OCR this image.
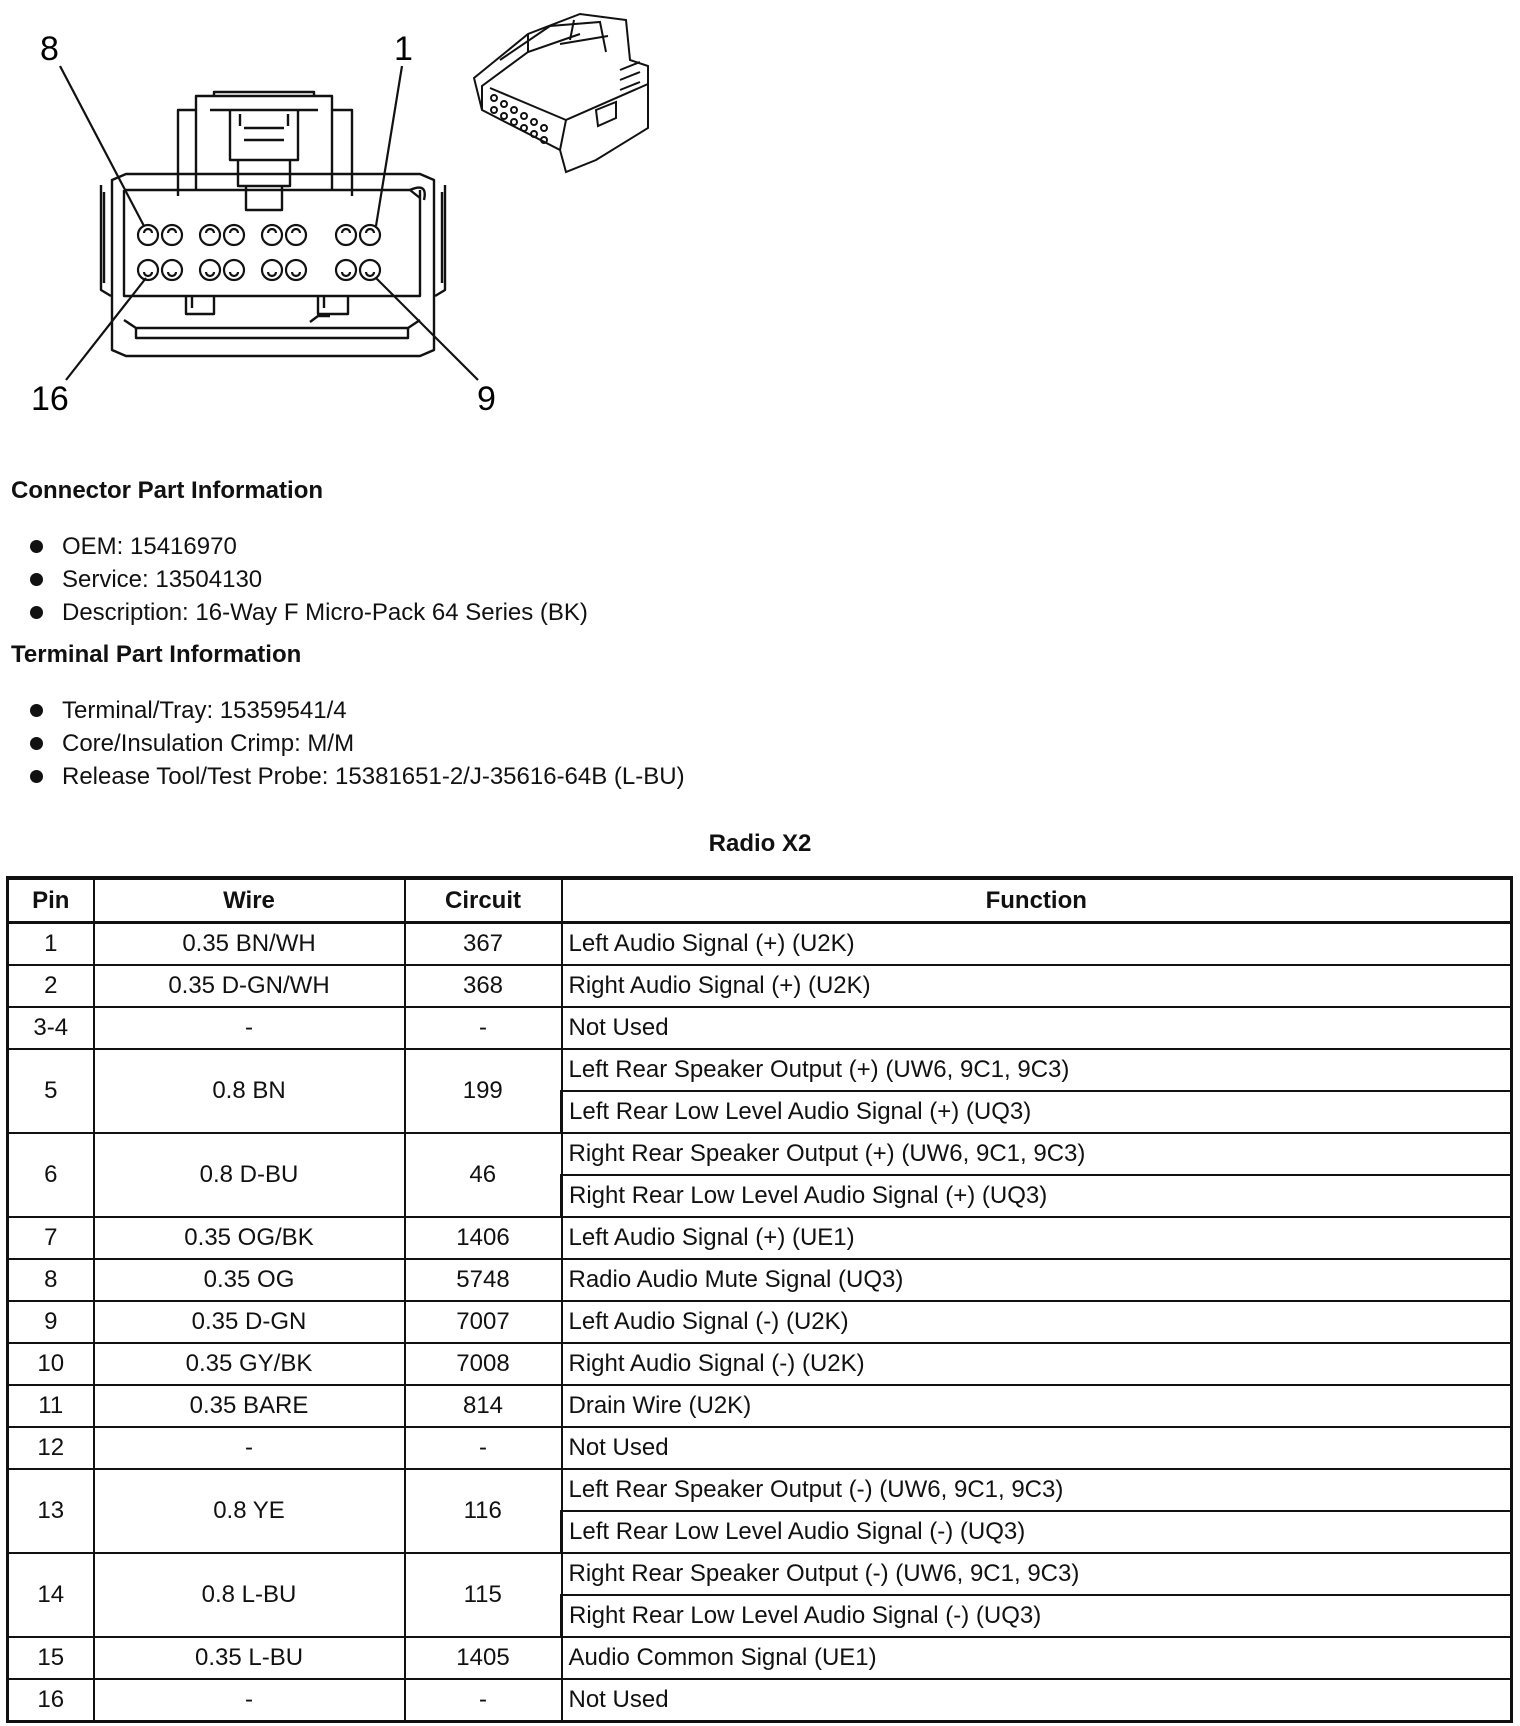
8	1
16	9
Connector Part Information
OEM: 15416970
Service: 13504130
Description: 16-Way F Micro-Pack 64 Series (BK)
Terminal Part Information
Terminal/Tray: 15359541/4
Core/Insulation Crimp: M/M
Release Tool/Test Probe: 15381651-2/J-35616-64B (L-BU)
Radio X2
Pin	Wire	Circuit	Function
1	0.35 BN/WH	367	Left Audio Signal (+) (U2K)
2	0.35 D-GN/WH	368	Right Audio Signal (+) (U2K)
3-4	-	-	Not Used
5	0.8 BN	199	Left Rear Speaker Output (+) (UW6, 9C1, 9C3)
			Left Rear Low Level Audio Signal (+) (UQ3)
6	0.8 D-BU	46	Right Rear Speaker Output (+) (UW6, 9C1, 9C3)
			Right Rear Low Level Audio Signal (+) (UQ3)
7	0.35 OG/BK	1406	Left Audio Signal (+) (UE1)
8	0.35 OG	5748	Radio Audio Mute Signal (UQ3)
9	0.35 D-GN	7007	Left Audio Signal (-) (U2K)
10	0.35 GY/BK	7008	Right Audio Signal (-) (U2K)
11	0.35 BARE	814	Drain Wire (U2K)
12	-	-	Not Used
13	0.8 YE	116	Left Rear Speaker Output (-) (UW6, 9C1, 9C3)
			Left Rear Low Level Audio Signal (-) (UQ3)
14	0.8 L-BU	115	Right Rear Speaker Output (-) (UW6, 9C1, 9C3)
			Right Rear Low Level Audio Signal (-) (UQ3)
15	0.35 L-BU	1405	Audio Common Signal (UE1)
16	-	-	Not Used
